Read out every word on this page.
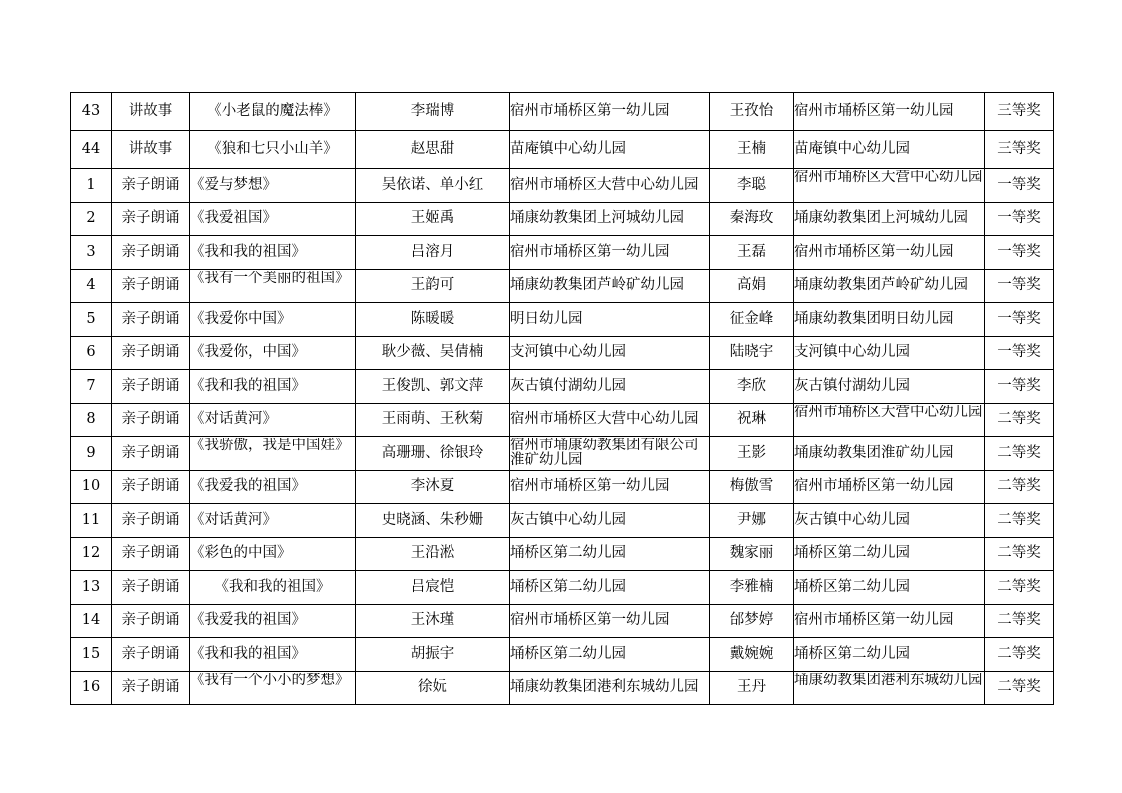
43	讲故事	《小老鼠的魔法棒》	李瑞博	宿州市埇桥区第一幼儿园	王孜怡	宿州市埇桥区第一幼儿园	三等奖
44	讲故事	《狼和七只小山羊》	赵思甜	苗庵镇中心幼儿园	王楠	苗庵镇中心幼儿园	三等奖
1	亲子朗诵	《爱与梦想》	吴依诺、单小红	宿州市埇桥区大营中心幼儿园	李聪	宿州市埇桥区大营中心幼儿园	一等奖
2	亲子朗诵	《我爱祖国》	王姬禹	埇康幼教集团上河城幼儿园	秦海玫	埇康幼教集团上河城幼儿园	一等奖
3	亲子朗诵	《我和我的祖国》	吕溶月	宿州市埇桥区第一幼儿园	王磊	宿州市埇桥区第一幼儿园	一等奖
4	亲子朗诵	《我有一个美丽的祖国》	王韵可	埇康幼教集团芦岭矿幼儿园	高娟	埇康幼教集团芦岭矿幼儿园	一等奖
5	亲子朗诵	《我爱你中国》	陈暖暖	明日幼儿园	征金峰	埇康幼教集团明日幼儿园	一等奖
6	亲子朗诵	《我爱你，中国》	耿少薇、吴倩楠	支河镇中心幼儿园	陆晓宇	支河镇中心幼儿园	一等奖
7	亲子朗诵	《我和我的祖国》	王俊凯、郭文萍	灰古镇付湖幼儿园	李欣	灰古镇付湖幼儿园	一等奖
8	亲子朗诵	《对话黄河》	王雨萌、王秋菊	宿州市埇桥区大营中心幼儿园	祝琳	宿州市埇桥区大营中心幼儿园	二等奖
9	亲子朗诵	《我骄傲，我是中国娃》	高珊珊、徐银玲	宿州市埇康幼教集团有限公司淮矿幼儿园	王影	埇康幼教集团淮矿幼儿园	二等奖
10	亲子朗诵	《我爱我的祖国》	李沐夏	宿州市埇桥区第一幼儿园	梅傲雪	宿州市埇桥区第一幼儿园	二等奖
11	亲子朗诵	《对话黄河》	史晓涵、朱秒姗	灰古镇中心幼儿园	尹娜	灰古镇中心幼儿园	二等奖
12	亲子朗诵	《彩色的中国》	王沿淞	埇桥区第二幼儿园	魏家丽	埇桥区第二幼儿园	二等奖
13	亲子朗诵	《我和我的祖国》	吕宸恺	埇桥区第二幼儿园	李雅楠	埇桥区第二幼儿园	二等奖
14	亲子朗诵	《我爱我的祖国》	王沐瑾	宿州市埇桥区第一幼儿园	邰梦婷	宿州市埇桥区第一幼儿园	二等奖
15	亲子朗诵	《我和我的祖国》	胡振宇	埇桥区第二幼儿园	戴婉婉	埇桥区第二幼儿园	二等奖
16	亲子朗诵	《我有一个小小的梦想》	徐妧	埇康幼教集团港利东城幼儿园	王丹	埇康幼教集团港利东城幼儿园	二等奖
